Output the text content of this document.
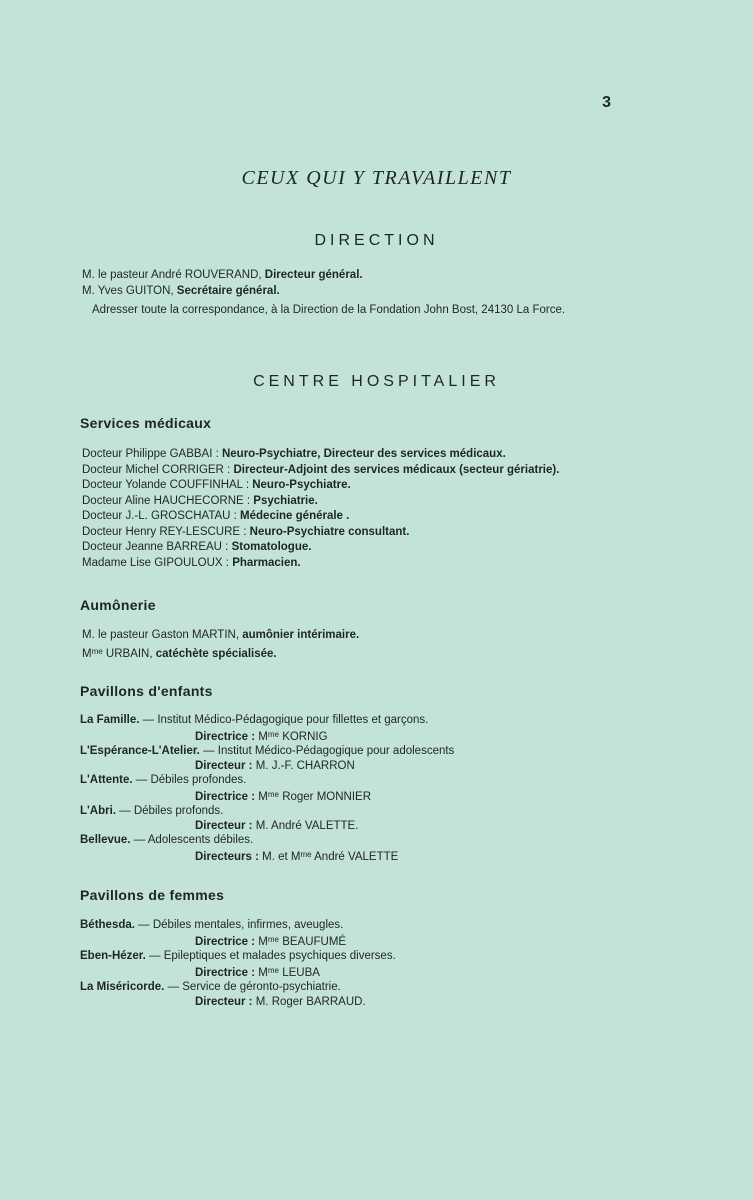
3
CEUX QUI Y TRAVAILLENT
DIRECTION
M. le pasteur André ROUVERAND, Directeur général.
M. Yves GUITON, Secrétaire général.
Adresser toute la correspondance, à la Direction de la Fondation John Bost, 24130 La Force.
CENTRE HOSPITALIER
Services médicaux
Docteur Philippe GABBAI : Neuro-Psychiatre, Directeur des services médicaux.
Docteur Michel CORRIGER : Directeur-Adjoint des services médicaux (secteur gériatrie).
Docteur Yolande COUFFINHAL : Neuro-Psychiatre.
Docteur Aline HAUCHECORNE : Psychiatrie.
Docteur J.-L. GROSCHATAU : Médecine générale .
Docteur Henry REY-LESCURE : Neuro-Psychiatre consultant.
Docteur Jeanne BARREAU : Stomatologue.
Madame Lise GIPOULOUX : Pharmacien.
Aumônerie
M. le pasteur Gaston MARTIN, aumônier intérimaire.
$M^{me}$ URBAIN, catéchète spécialisée.
Pavillons d'enfants
La Famille. — Institut Médico-Pédagogique pour fillettes et garçons.
Directrice : $M^{me}$ KORNIG
L'Espérance-L'Atelier. — Institut Médico-Pédagogique pour adolescents
Directeur : M. J.-F. CHARRON
L'Attente. — Débiles profondes.
Directrice : $M^{me}$ Roger MONNIER
L'Abri. — Débiles profonds.
Directeur : M. André VALETTE.
Bellevue. — Adolescents débiles.
Directeurs : M. et $M^{me}$ André VALETTE
Pavillons de femmes
Béthesda. — Débiles mentales, infirmes, aveugles.
Directrice : $M^{me}$ BEAUFUMÉ
Eben-Hézer. — Epileptiques et malades psychiques diverses.
Directrice : $M^{me}$ LEUBA
La Miséricorde. — Service de géronto-psychiatrie.
Directeur : M. Roger BARRAUD.
